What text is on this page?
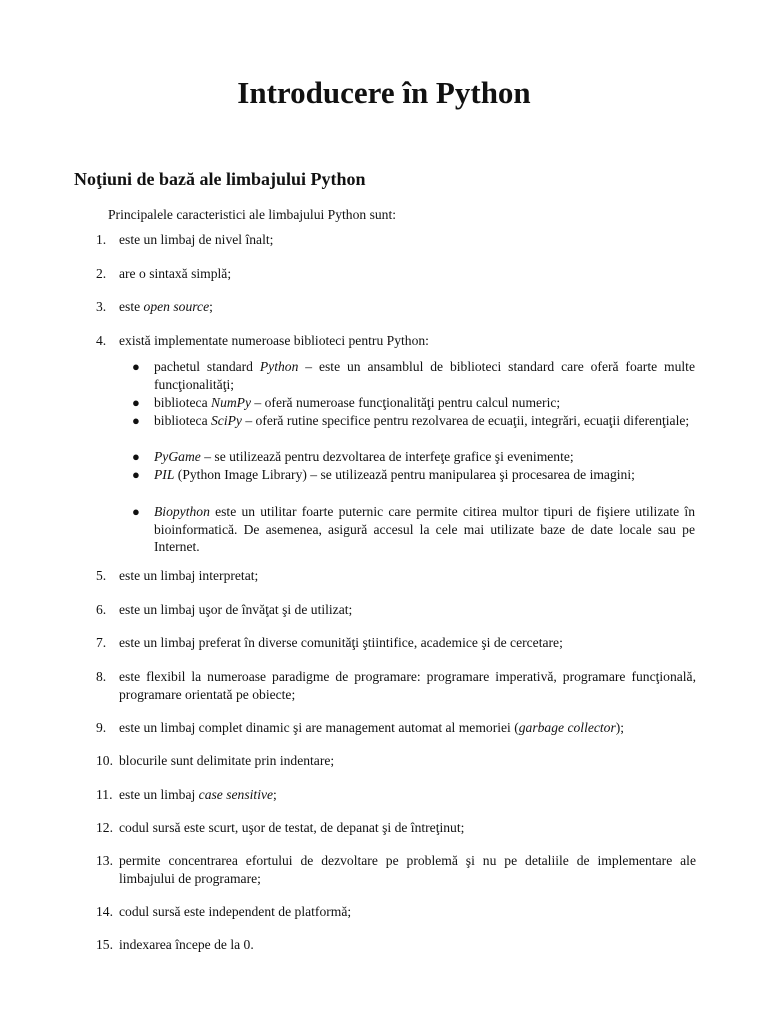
Introducere în Python
Noţiuni de bază ale limbajului Python

Principalele caracteristici ale limbajului Python sunt:

1. este un limbaj de nivel înalt;
2. are o sintaxă simplă;
3. este open source;
4. există implementate numeroase biblioteci pentru Python:
5. este un limbaj interpretat;
6. este un limbaj uşor de învăţat şi de utilizat;
7. este un limbaj preferat în diverse comunităţi ştiintifice, academice şi de cercetare;
8. este flexibil la numeroase paradigme de programare: programare imperativă, programare funcţională, programare orientată pe obiecte;
9. este un limbaj complet dinamic şi are management automat al memoriei (garbage collector);
10. blocurile sunt delimitate prin indentare;
11. este un limbaj case sensitive;
12. codul sursă este scurt, uşor de testat, de depanat şi de întreţinut;
13. permite concentrarea efortului de dezvoltare pe problemă şi nu pe detaliile de implementare ale limbajului de programare;
14. codul sursă este independent de platformă;
15. indexarea începe de la 0.
●	pachetul standard Python – este un ansamblul de biblioteci standard care oferă foarte multe funcţionalităţi;
●	biblioteca NumPy – oferă numeroase funcţionalităţi pentru calcul numeric;
●	biblioteca SciPy – oferă rutine specifice pentru rezolvarea de ecuaţii, integrări, ecuaţii diferenţiale;
●	PyGame – se utilizează pentru dezvoltarea de interfeţe grafice şi evenimente;
●	PIL (Python Image Library) – se utilizează pentru manipularea şi procesarea de imagini;
●	Biopython este un utilitar foarte puternic care permite citirea multor tipuri de fişiere utilizate în bioinformatică. De asemenea, asigură accesul la cele mai utilizate baze de date locale sau pe Internet.
